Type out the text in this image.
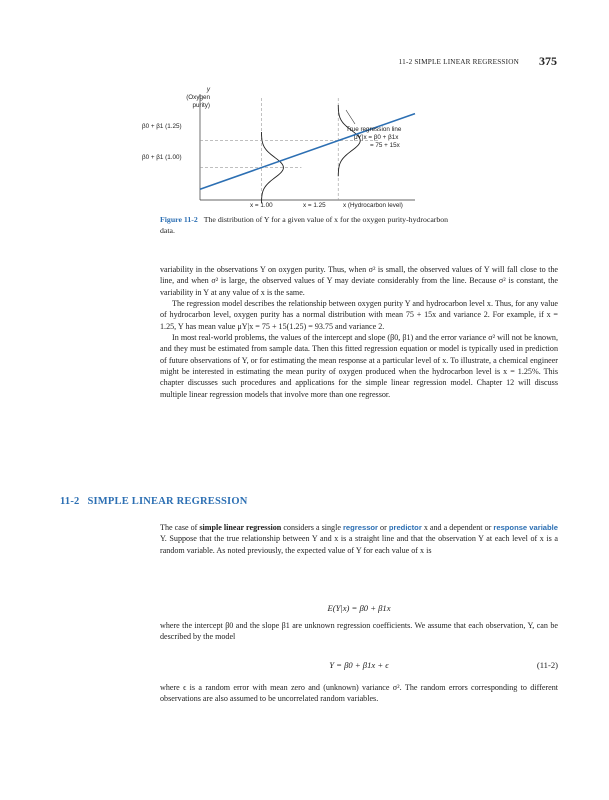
11-2 SIMPLE LINEAR REGRESSION 375
y
(Oxygen
purity)
β0 + β1 (1.25)
β0 + β1 (1.00)
x = 1.00	x = 1.25	x (Hydrocarbon level)
True regression line
μY|x = β0 + β1x
= 75 + 15x
Figure 11-2 The distribution of Y for a given value of x for the oxygen purity-hydrocarbon data.

variability in the observations Y on oxygen purity. Thus, when σ² is small, the observed values of Y will fall close to the line, and when σ² is large, the observed values of Y may deviate considerably from the line. Because σ² is constant, the variability in Y at any value of x is the same.

The regression model describes the relationship between oxygen purity Y and hydrocarbon level x. Thus, for any value of hydrocarbon level, oxygen purity has a normal distribution with mean 75 + 15x and variance 2. For example, if x = 1.25, Y has mean value μY|x = 75 + 15(1.25) = 93.75 and variance 2.

In most real-world problems, the values of the intercept and slope (β0, β1) and the error variance σ² will not be known, and they must be estimated from sample data. Then this fitted regression equation or model is typically used in prediction of future observations of Y, or for estimating the mean response at a particular level of x. To illustrate, a chemical engineer might be interested in estimating the mean purity of oxygen produced when the hydrocarbon level is x = 1.25%. This chapter discusses such procedures and applications for the simple linear regression model. Chapter 12 will discuss multiple linear regression models that involve more than one regressor.

11-2 SIMPLE LINEAR REGRESSION

The case of simple linear regression considers a single regressor or predictor x and a dependent or response variable Y. Suppose that the true relationship between Y and x is a straight line and that the observation Y at each level of x is a random variable. As noted previously, the expected value of Y for each value of x is

E(Y|x) = β0 + β1x

where the intercept β0 and the slope β1 are unknown regression coefficients. We assume that each observation, Y, can be described by the model

Y = β0 + β1x + ϵ	(11-2)

where ϵ is a random error with mean zero and (unknown) variance σ². The random errors corresponding to different observations are also assumed to be uncorrelated random variables.
